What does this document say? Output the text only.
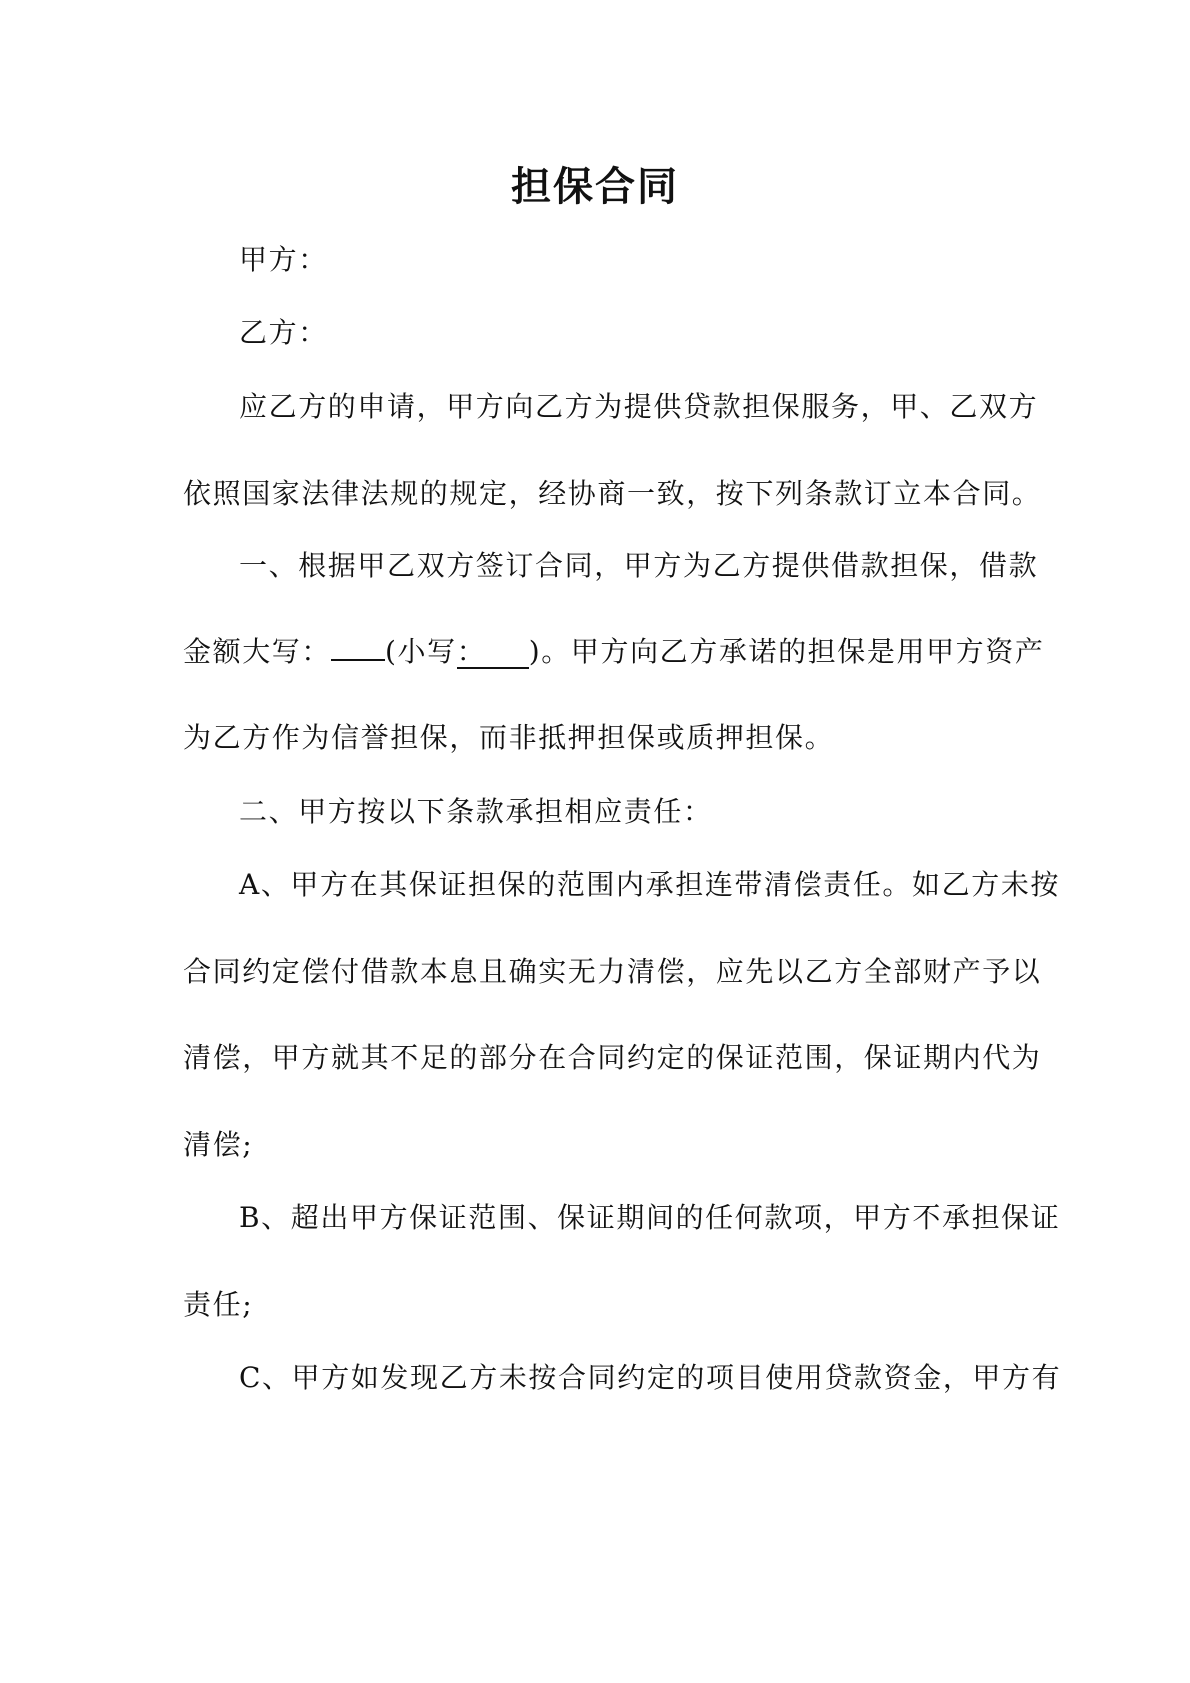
担保合同
甲方：
乙方：
应乙方的申请，甲方向乙方为提供贷款担保服务，甲、乙双方
依照国家法律法规的规定，经协商一致，按下列条款订立本合同。
一、根据甲乙双方签订合同，甲方为乙方提供借款担保，借款
金额大写： (小写： )。甲方向乙方承诺的担保是用甲方资产
为乙方作为信誉担保，而非抵押担保或质押担保。
二、甲方按以下条款承担相应责任：
A、甲方在其保证担保的范围内承担连带清偿责任。如乙方未按
合同约定偿付借款本息且确实无力清偿，应先以乙方全部财产予以
清偿，甲方就其不足的部分在合同约定的保证范围，保证期内代为
清偿;
B、超出甲方保证范围、保证期间的任何款项，甲方不承担保证
责任;
C、甲方如发现乙方未按合同约定的项目使用贷款资金，甲方有
